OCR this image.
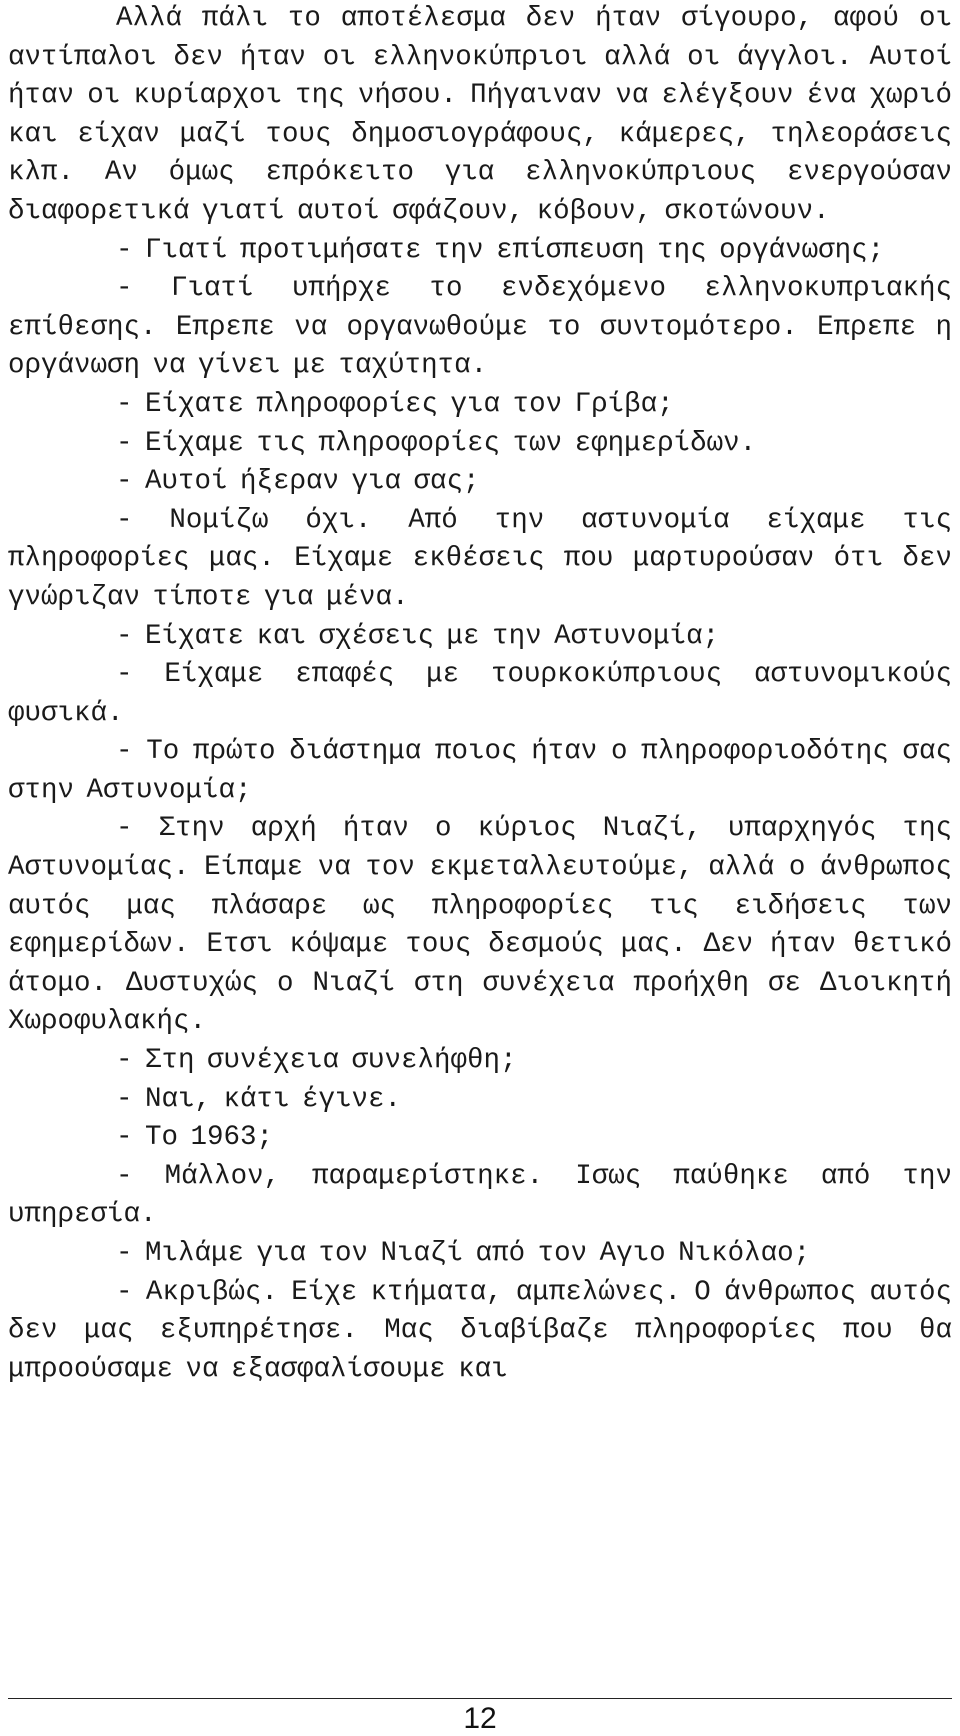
Αλλά πάλι το αποτέλεσμα δεν ήταν σίγουρο, αφού οι αντίπαλοι δεν ήταν οι ελληνοκύπριοι αλλά οι άγγλοι. Αυτοί ήταν οι κυρίαρχοι της νήσου. Πήγαιναν να ελέγξουν ένα χωριό και είχαν μαζί τους δημοσιογράφους, κάμερες, τηλεοράσεις κλπ. Αν όμως επρόκειτο για ελληνοκύπριους ενεργούσαν διαφορετικά γιατί αυτοί σφάζουν, κόβουν, σκοτώνουν.

- Γιατί προτιμήσατε την επίσπευση της οργάνωσης;

- Γιατί υπήρχε το ενδεχόμενο ελληνοκυπριακής επίθεσης. Επρεπε να οργανωθούμε το συντομότερο. Επρεπε η οργάνωση να γίνει με ταχύτητα.

- Είχατε πληροφορίες για τον Γρίβα;

- Είχαμε τις πληροφορίες των εφημερίδων.

- Αυτοί ήξεραν για σας;

- Νομίζω όχι. Από την αστυνομία είχαμε τις πληροφορίες μας. Είχαμε εκθέσεις που μαρτυρούσαν ότι δεν γνώριζαν τίποτε για μένα.

- Είχατε και σχέσεις με την Αστυνομία;

- Είχαμε επαφές με τουρκοκύπριους αστυνομικούς φυσικά.

- Το πρώτο διάστημα ποιος ήταν ο πληροφοριοδότης σας στην Αστυνομία;

- Στην αρχή ήταν ο κύριος Νιαζί, υπαρχηγός της Αστυνομίας. Είπαμε να τον εκμεταλλευτούμε, αλλά ο άνθρωπος αυτός μας πλάσαρε ως πληροφορίες τις ειδήσεις των εφημερίδων. Ετσι κόψαμε τους δεσμούς μας. Δεν ήταν θετικό άτομο. Δυστυχώς ο Νιαζί στη συνέχεια προήχθη σε Διοικητή Χωροφυλακής.

- Στη συνέχεια συνελήφθη;

- Ναι, κάτι έγινε.

- Το 1963;

- Μάλλον, παραμερίστηκε. Ισως παύθηκε από την υπηρεσία.

- Μιλάμε για τον Νιαζί από τον Αγιο Νικόλαο;

- Ακριβώς. Είχε κτήματα, αμπελώνες. Ο άνθρωπος αυτός δεν μας εξυπηρέτησε. Μας διαβίβαζε πληροφορίες που θα μπροούσαμε να εξασφαλίσουμε και

12
